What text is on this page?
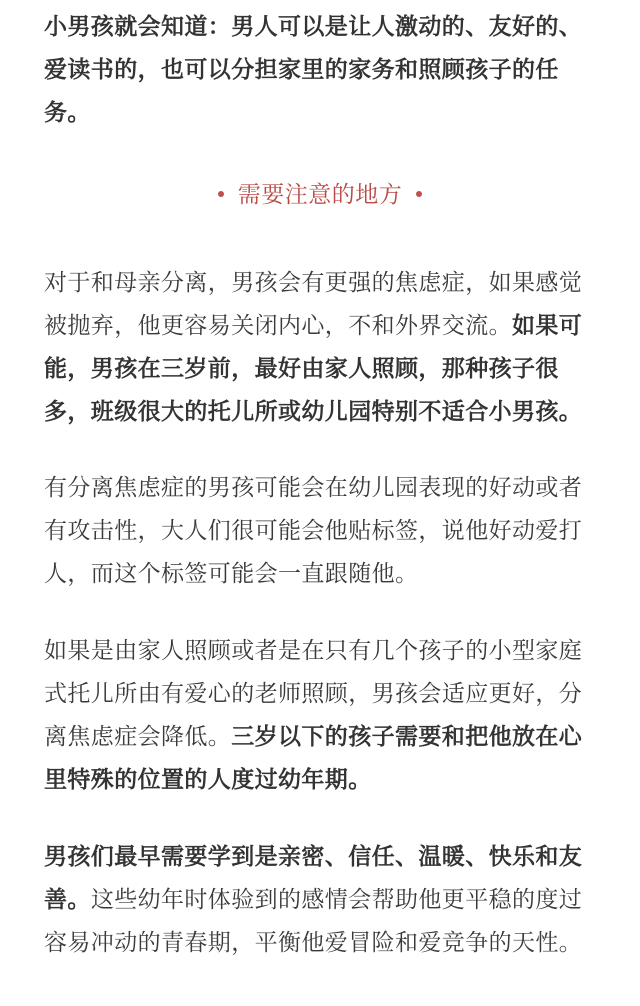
小男孩就会知道：男人可以是让人激动的、友好的、爱读书的，也可以分担家里的家务和照顾孩子的任务。

需要注意的地方

对于和母亲分离，男孩会有更强的焦虑症，如果感觉被抛弃，他更容易关闭内心，不和外界交流。如果可能，男孩在三岁前，最好由家人照顾，那种孩子很多，班级很大的托儿所或幼儿园特别不适合小男孩。

有分离焦虑症的男孩可能会在幼儿园表现的好动或者有攻击性，大人们很可能会他贴标签，说他好动爱打人，而这个标签可能会一直跟随他。

如果是由家人照顾或者是在只有几个孩子的小型家庭式托儿所由有爱心的老师照顾，男孩会适应更好，分离焦虑症会降低。三岁以下的孩子需要和把他放在心里特殊的位置的人度过幼年期。

男孩们最早需要学到是亲密、信任、温暖、快乐和友善。这些幼年时体验到的感情会帮助他更平稳的度过容易冲动的青春期，平衡他爱冒险和爱竞争的天性。
